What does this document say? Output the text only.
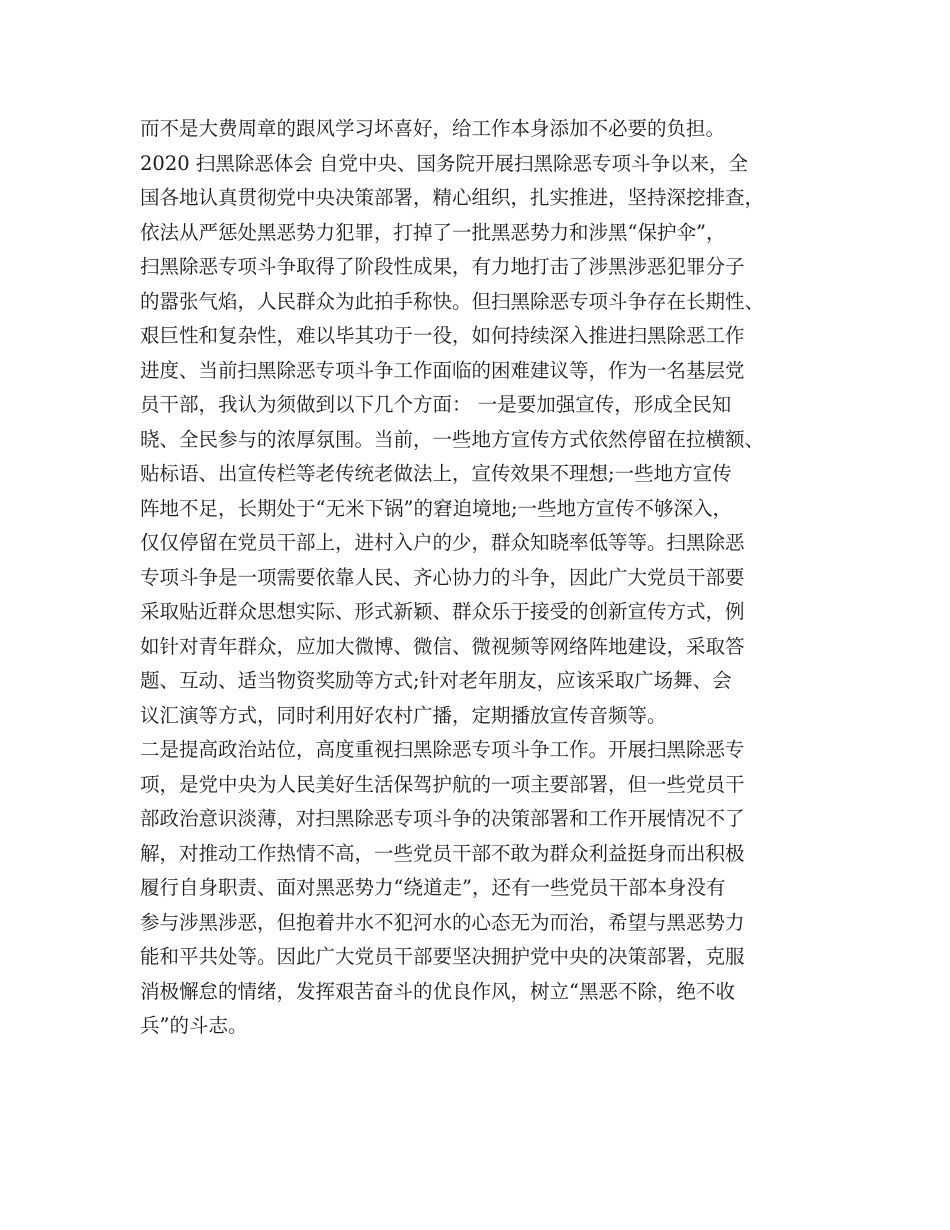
而不是大费周章的跟风学习坏喜好，给工作本身添加不必要的负担。
2020 扫黑除恶体会 自党中央、国务院开展扫黑除恶专项斗争以来，全
国各地认真贯彻党中央决策部署，精心组织，扎实推进，坚持深挖排查，
依法从严惩处黑恶势力犯罪，打掉了一批黑恶势力和涉黑“保护伞”，
扫黑除恶专项斗争取得了阶段性成果，有力地打击了涉黑涉恶犯罪分子
的嚣张气焰，人民群众为此拍手称快。但扫黑除恶专项斗争存在长期性、
艰巨性和复杂性，难以毕其功于一役，如何持续深入推进扫黑除恶工作
进度、当前扫黑除恶专项斗争工作面临的困难建议等，作为一名基层党
员干部，我认为须做到以下几个方面： 一是要加强宣传，形成全民知
晓、全民参与的浓厚氛围。当前，一些地方宣传方式依然停留在拉横额、
贴标语、出宣传栏等老传统老做法上，宣传效果不理想;一些地方宣传
阵地不足，长期处于“无米下锅”的窘迫境地;一些地方宣传不够深入，
仅仅停留在党员干部上，进村入户的少，群众知晓率低等等。扫黑除恶
专项斗争是一项需要依靠人民、齐心协力的斗争，因此广大党员干部要
采取贴近群众思想实际、形式新颖、群众乐于接受的创新宣传方式，例
如针对青年群众，应加大微博、微信、微视频等网络阵地建设，采取答
题、互动、适当物资奖励等方式;针对老年朋友，应该采取广场舞、会
议汇演等方式，同时利用好农村广播，定期播放宣传音频等。
二是提高政治站位，高度重视扫黑除恶专项斗争工作。开展扫黑除恶专
项，是党中央为人民美好生活保驾护航的一项主要部署，但一些党员干
部政治意识淡薄，对扫黑除恶专项斗争的决策部署和工作开展情况不了
解，对推动工作热情不高，一些党员干部不敢为群众利益挺身而出积极
履行自身职责、面对黑恶势力“绕道走”，还有一些党员干部本身没有
参与涉黑涉恶，但抱着井水不犯河水的心态无为而治，希望与黑恶势力
能和平共处等。因此广大党员干部要坚决拥护党中央的决策部署，克服
消极懈怠的情绪，发挥艰苦奋斗的优良作风，树立“黑恶不除，绝不收
兵”的斗志。
